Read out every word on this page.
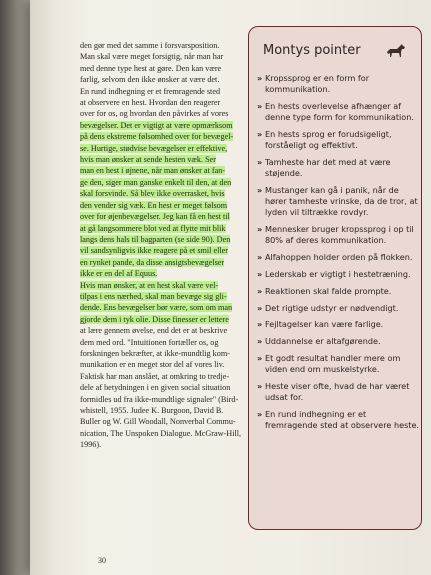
den gør med det samme i forsvarsposition.
Man skal være meget forsigtig, når man har
med denne type hest at gøre. Den kan være
farlig, selvom den ikke ønsker at være det.
En rund indhegning er et fremragende sted
at observere en hest. Hvordan den reagerer
over for os, og hvordan den påvirkes af vores
bevægelser. Det er vigtigt at være opmærksom
på dens ekstreme følsomhed over for bevægel-
se. Hurtige, stødvise bevægelser er effektive,
hvis man ønsker at sende hesten væk. Ser
man en hest i øjnene, når man ønsker at fan-
ge den, siger man ganske enkelt til den, at den
skal forsvinde. Så blev ikke overrasket, hvis
den vender sig væk. En hest er meget følsom
over for øjenbevægelser. Jeg kan få en hest til
at gå langsommere blot ved at flytte mit blik
langs dens hals til bagparten (se side 90). Den
vil sandsynligvis ikke reagere på et smil eller
en rynket pande, da disse ansigtsbevægelser
ikke er en del af Equus.
Hvis man ønsker, at en hest skal være vel-
tilpas i ens nærhed, skal man bevæge sig gli-
dende. Ens bevægelser bør være, som om man
gjorde dem i tyk olie. Disse finesser er lettere
at lære gennem øvelse, end det er at beskrive
dem med ord. "Intuitionen fortæller os, og
forskningen bekræfter, at ikke-mundtlig kom-
munikation er en meget stor del af vores liv.
Faktisk har man anslået, at omkring to tredje-
dele af betydningen i en given social situation
formidles ud fra ikke-mundtlige signaler" (Bird-
whistell, 1955. Judee K. Burgoon, David B.
Buller og W. Gill Woodall, Nonverbal Commu-
nication, The Unspoken Dialogue. McGraw-Hill,
1996).
30
Montys pointer
» Kropssprog er en form for kommunikation.
» En hests overlevelse afhænger af denne type form for kommunikation.
» En hests sprog er forudsigeligt, forståeligt og effektivt.
» Tamheste har det med at være støjende.
» Mustanger kan gå i panik, når de hører tamheste vrinske, da de tror, at lyden vil tiltrække rovdyr.
» Mennesker bruger kropssprog i op til 80% af deres kommunikation.
» Alfahoppen holder orden på flokken.
» Lederskab er vigtigt i hestetræning.
» Reaktionen skal falde prompte.
» Det rigtige udstyr er nødvendigt.
» Fejltagelser kan være farlige.
» Uddannelse er altafgørende.
» Et godt resultat handler mere om viden end om muskelstyrke.
» Heste viser ofte, hvad de har været udsat for.
» En rund indhegning er et fremragende sted at observere heste.
